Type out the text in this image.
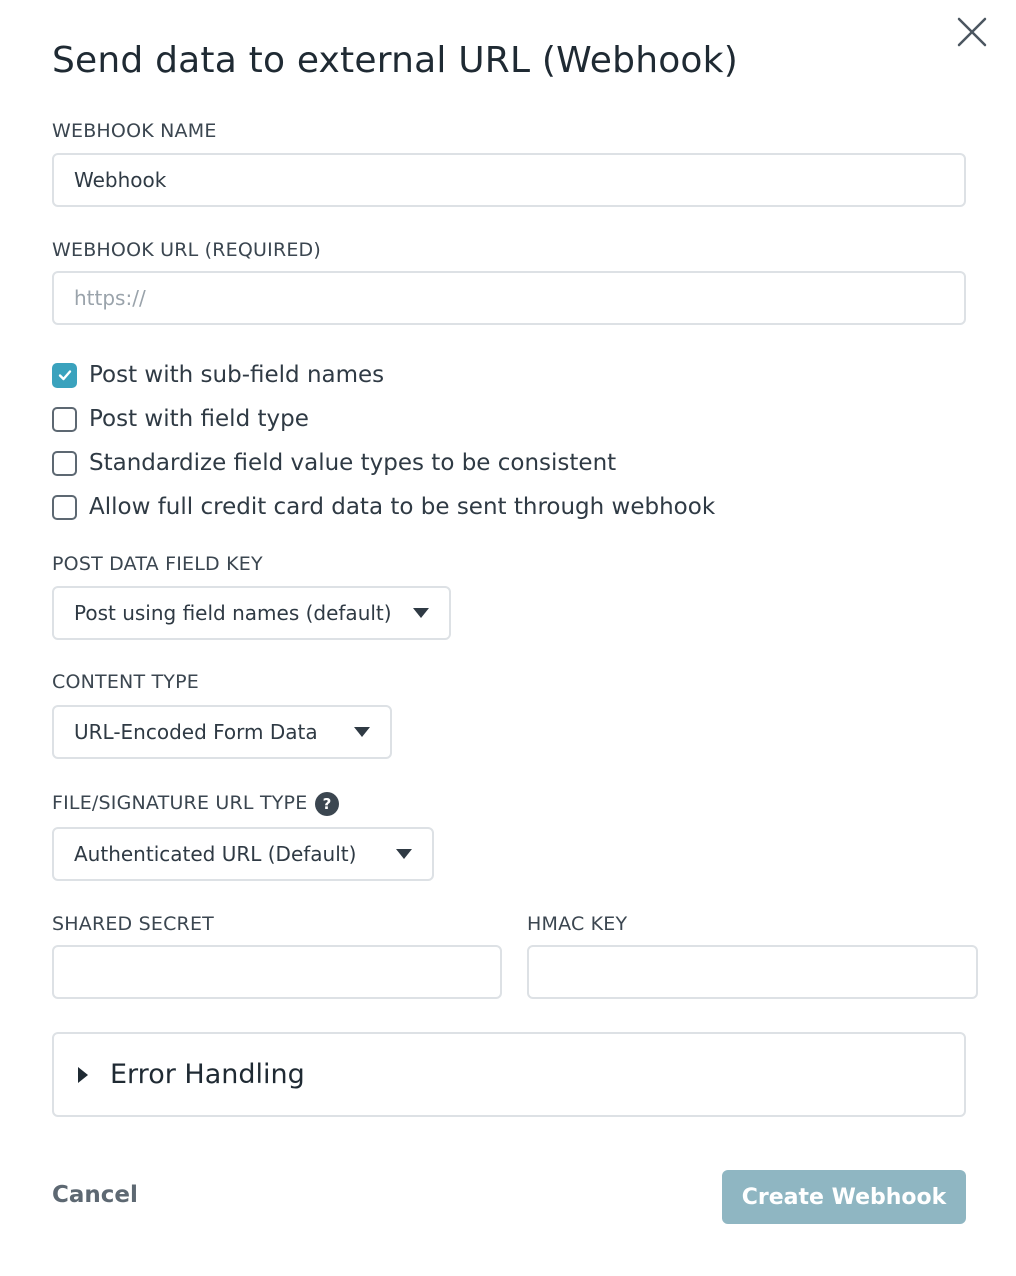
Send data to external URL (Webhook)
WEBHOOK NAME
Webhook
WEBHOOK URL (REQUIRED)
https://
Post with sub-field names
Post with field type
Standardize field value types to be consistent
Allow full credit card data to be sent through webhook
POST DATA FIELD KEY
Post using field names (default)
CONTENT TYPE
URL-Encoded Form Data
FILE/SIGNATURE URL TYPE	?
Authenticated URL (Default)
SHARED SECRET	HMAC KEY
Error Handling
Cancel	Create Webhook
